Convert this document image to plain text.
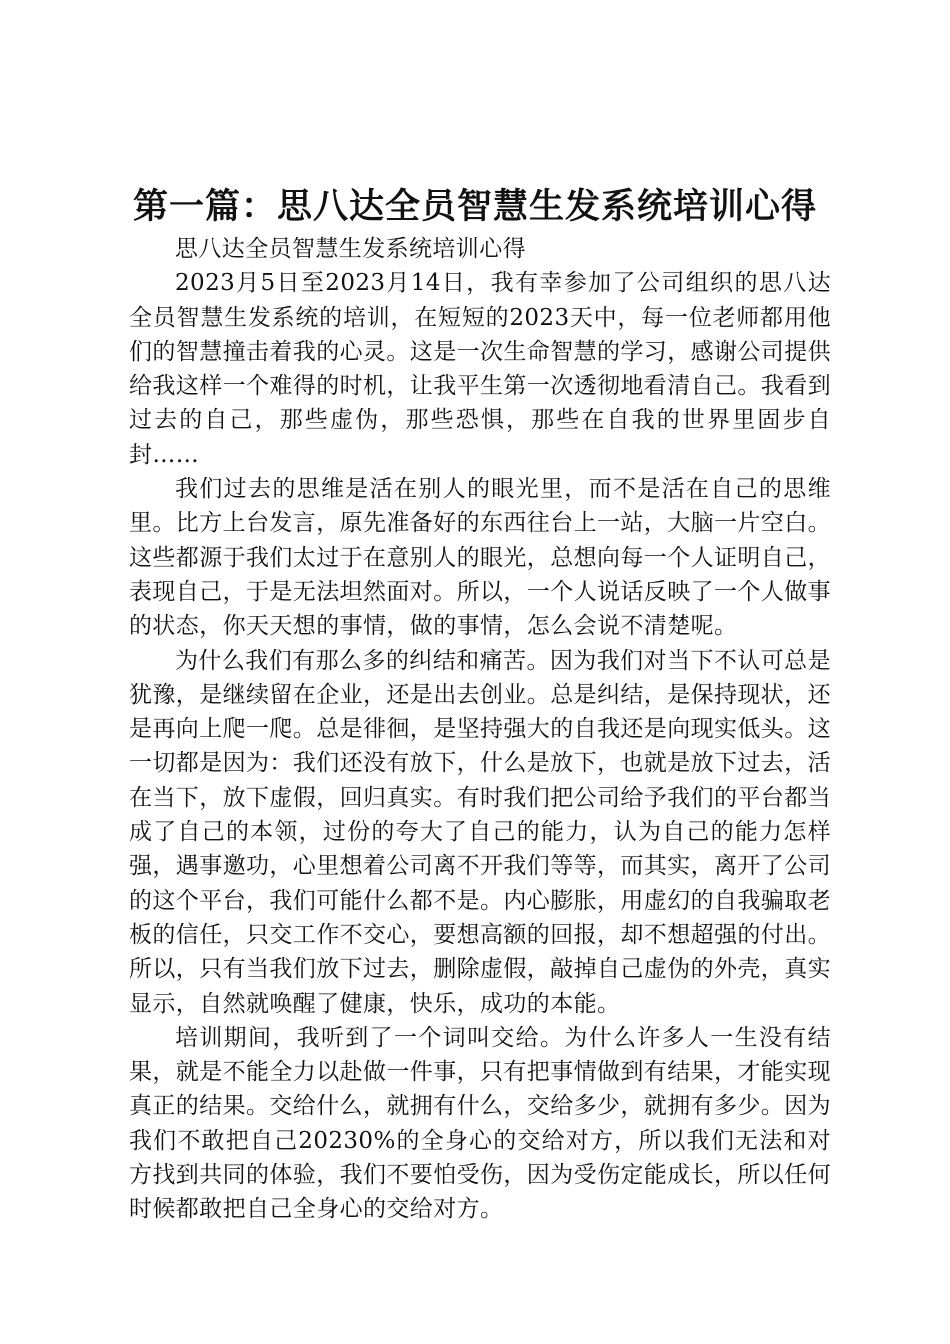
第一篇：思八达全员智慧生发系统培训心得

思八达全员智慧生发系统培训心得

2023月5日至2023月14日，我有幸参加了公司组织的思八达全员智慧生发系统的培训，在短短的2023天中，每一位老师都用他们的智慧撞击着我的心灵。这是一次生命智慧的学习，感谢公司提供给我这样一个难得的时机，让我平生第一次透彻地看清自己。我看到过去的自己，那些虚伪，那些恐惧，那些在自我的世界里固步自封……

我们过去的思维是活在别人的眼光里，而不是活在自己的思维里。比方上台发言，原先准备好的东西往台上一站，大脑一片空白。这些都源于我们太过于在意别人的眼光，总想向每一个人证明自己，表现自己，于是无法坦然面对。所以，一个人说话反映了一个人做事的状态，你天天想的事情，做的事情，怎么会说不清楚呢。

为什么我们有那么多的纠结和痛苦。因为我们对当下不认可总是犹豫，是继续留在企业，还是出去创业。总是纠结，是保持现状，还是再向上爬一爬。总是徘徊，是坚持强大的自我还是向现实低头。这一切都是因为：我们还没有放下，什么是放下，也就是放下过去，活在当下，放下虚假，回归真实。有时我们把公司给予我们的平台都当成了自己的本领，过份的夸大了自己的能力，认为自己的能力怎样强，遇事邀功，心里想着公司离不开我们等等，而其实，离开了公司的这个平台，我们可能什么都不是。内心膨胀，用虚幻的自我骗取老板的信任，只交工作不交心，要想高额的回报，却不想超强的付出。所以，只有当我们放下过去，删除虚假，敲掉自己虚伪的外壳，真实显示，自然就唤醒了健康，快乐，成功的本能。

培训期间，我听到了一个词叫交给。为什么许多人一生没有结果，就是不能全力以赴做一件事，只有把事情做到有结果，才能实现真正的结果。交给什么，就拥有什么，交给多少，就拥有多少。因为我们不敢把自己20230%的全身心的交给对方，所以我们无法和对方找到共同的体验，我们不要怕受伤，因为受伤定能成长，所以任何时候都敢把自己全身心的交给对方。
